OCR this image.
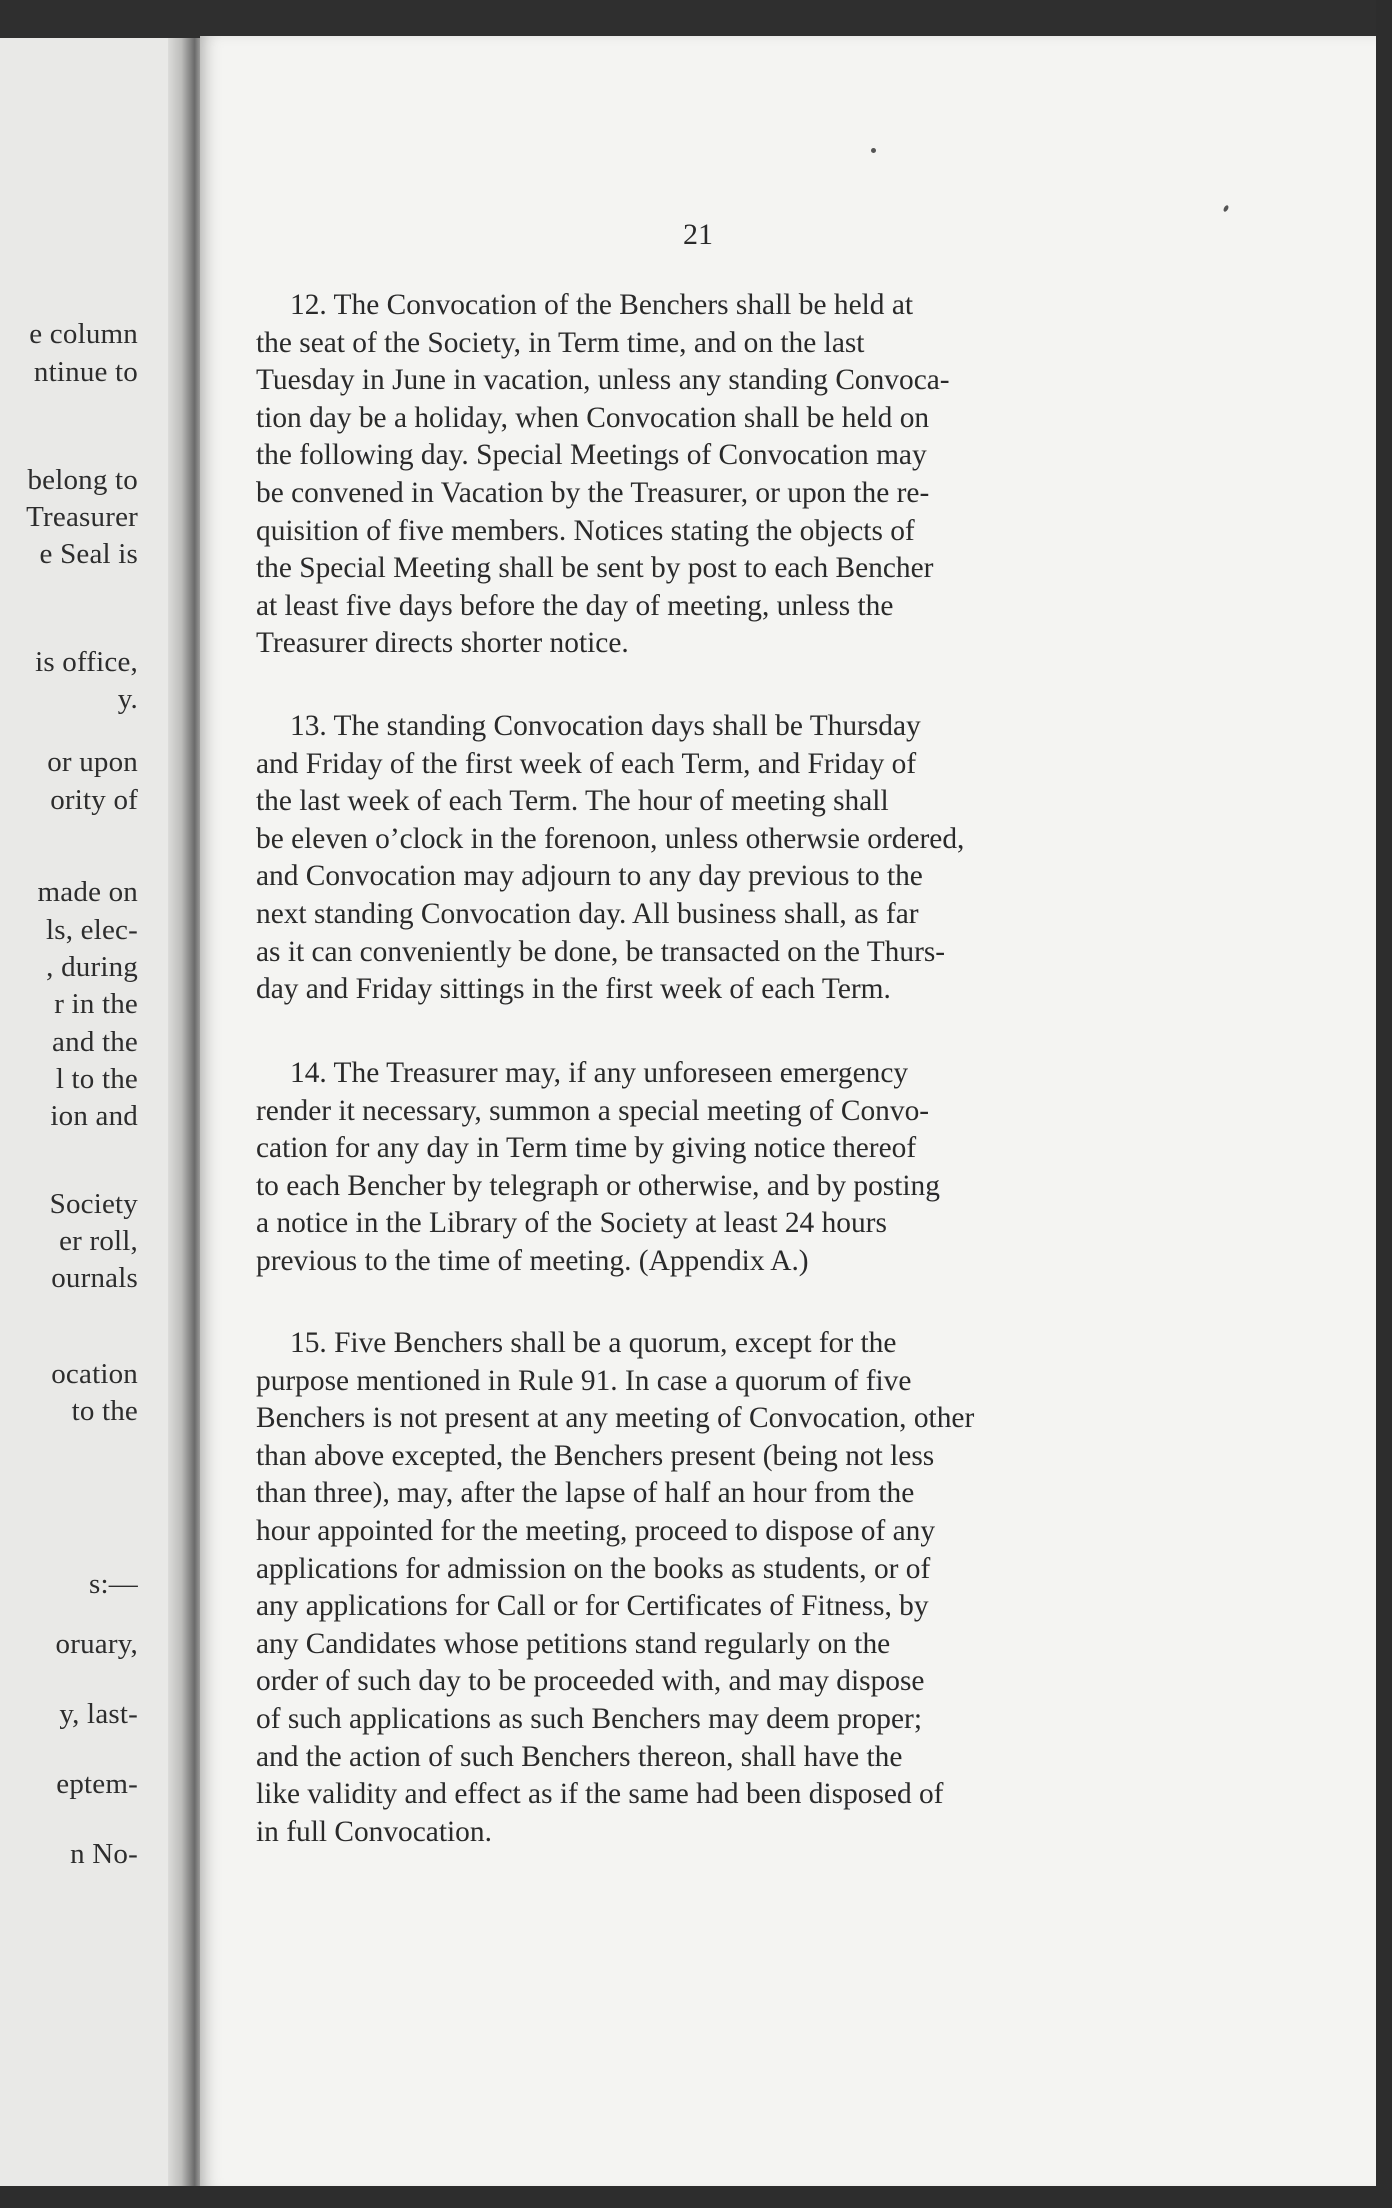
e column
ntinue to
belong to
Treasurer
e Seal is
is office,
y.
or upon
ority of
made on
ls, elec-
, during
r in the
and the
l to the
ion and
Society
er roll,
ournals
ocation
to the
s:—
oruary,
y, last-
eptem-
n No-
21
12. The Convocation of the Benchers shall be held at
the seat of the Society, in Term time, and on the last
Tuesday in June in vacation, unless any standing Convoca-
tion day be a holiday, when Convocation shall be held on
the following day. Special Meetings of Convocation may
be convened in Vacation by the Treasurer, or upon the re-
quisition of five members. Notices stating the objects of
the Special Meeting shall be sent by post to each Bencher
at least five days before the day of meeting, unless the
Treasurer directs shorter notice.
13. The standing Convocation days shall be Thursday
and Friday of the first week of each Term, and Friday of
the last week of each Term. The hour of meeting shall
be eleven o’clock in the forenoon, unless otherwsie ordered,
and Convocation may adjourn to any day previous to the
next standing Convocation day. All business shall, as far
as it can conveniently be done, be transacted on the Thurs-
day and Friday sittings in the first week of each Term.
14. The Treasurer may, if any unforeseen emergency
render it necessary, summon a special meeting of Convo-
cation for any day in Term time by giving notice thereof
to each Bencher by telegraph or otherwise, and by posting
a notice in the Library of the Society at least 24 hours
previous to the time of meeting. (Appendix A.)
15. Five Benchers shall be a quorum, except for the
purpose mentioned in Rule 91. In case a quorum of five
Benchers is not present at any meeting of Convocation, other
than above excepted, the Benchers present (being not less
than three), may, after the lapse of half an hour from the
hour appointed for the meeting, proceed to dispose of any
applications for admission on the books as students, or of
any applications for Call or for Certificates of Fitness, by
any Candidates whose petitions stand regularly on the
order of such day to be proceeded with, and may dispose
of such applications as such Benchers may deem proper;
and the action of such Benchers thereon, shall have the
like validity and effect as if the same had been disposed of
in full Convocation.
